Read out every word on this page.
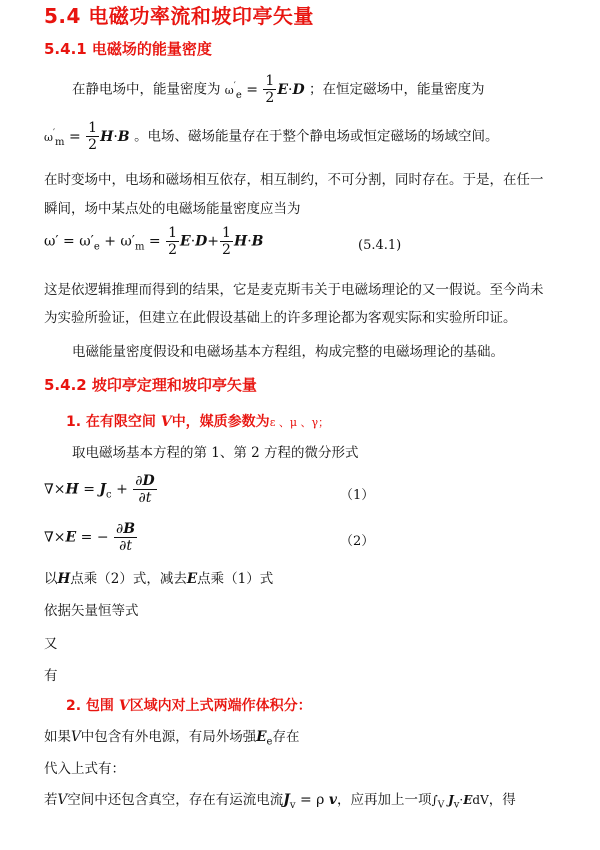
5.4 电磁功率流和坡印亭矢量
5.4.1 电磁场的能量密度
在静电场中，能量密度为 $\omega_{'e} = \frac{1}{2} E\cdot D$ ；在恒定磁场中，能量密度为
$\omega_{'m} = \frac{1}{2} H\cdot B$ 。电场、磁场能量存在于整个静电场或恒定磁场的场域空间。
在时变场中，电场和磁场相互依存，相互制约，不可分割，同时存在。于是，在任一瞬间，场中某点处的电磁场能量密度应当为
$\omega' = \omega'_e + \omega'_m = \frac{1}{2} E\cdot D+ \frac{1}{2} H\cdot B$	(5.4.1)
这是依逻辑推理而得到的结果，它是麦克斯韦关于电磁场理论的又一假说。至今尚未为实验所验证，但建立在此假设基础上的许多理论都为客观实际和实验所印证。
电磁能量密度假设和电磁场基本方程组，构成完整的电磁场理论的基础。
5.4.2 坡印亭定理和坡印亭矢量
1. 在有限空间 V中，媒质参数为ε 、μ 、γ；
取电磁场基本方程的第 1、第 2 方程的微分形式
$\nabla\times H = J_c + \frac{\partial D}{\partial t}$	（1）
∇×E = − $\frac{\partial B}{\partial t}$	（2）
以H点乘（2）式，减去E点乘（1）式
依据矢量恒等式
又
有
2. 包围 V区域内对上式两端作体积分：
如果V中包含有外电源，有局外场强$E_e$存在
代入上式有：
若V空间中还包含真空，存在有运流电流$J_v = \rho$ v，应再加上一项$\int_V$ $J_v\cdot EdV$，得
